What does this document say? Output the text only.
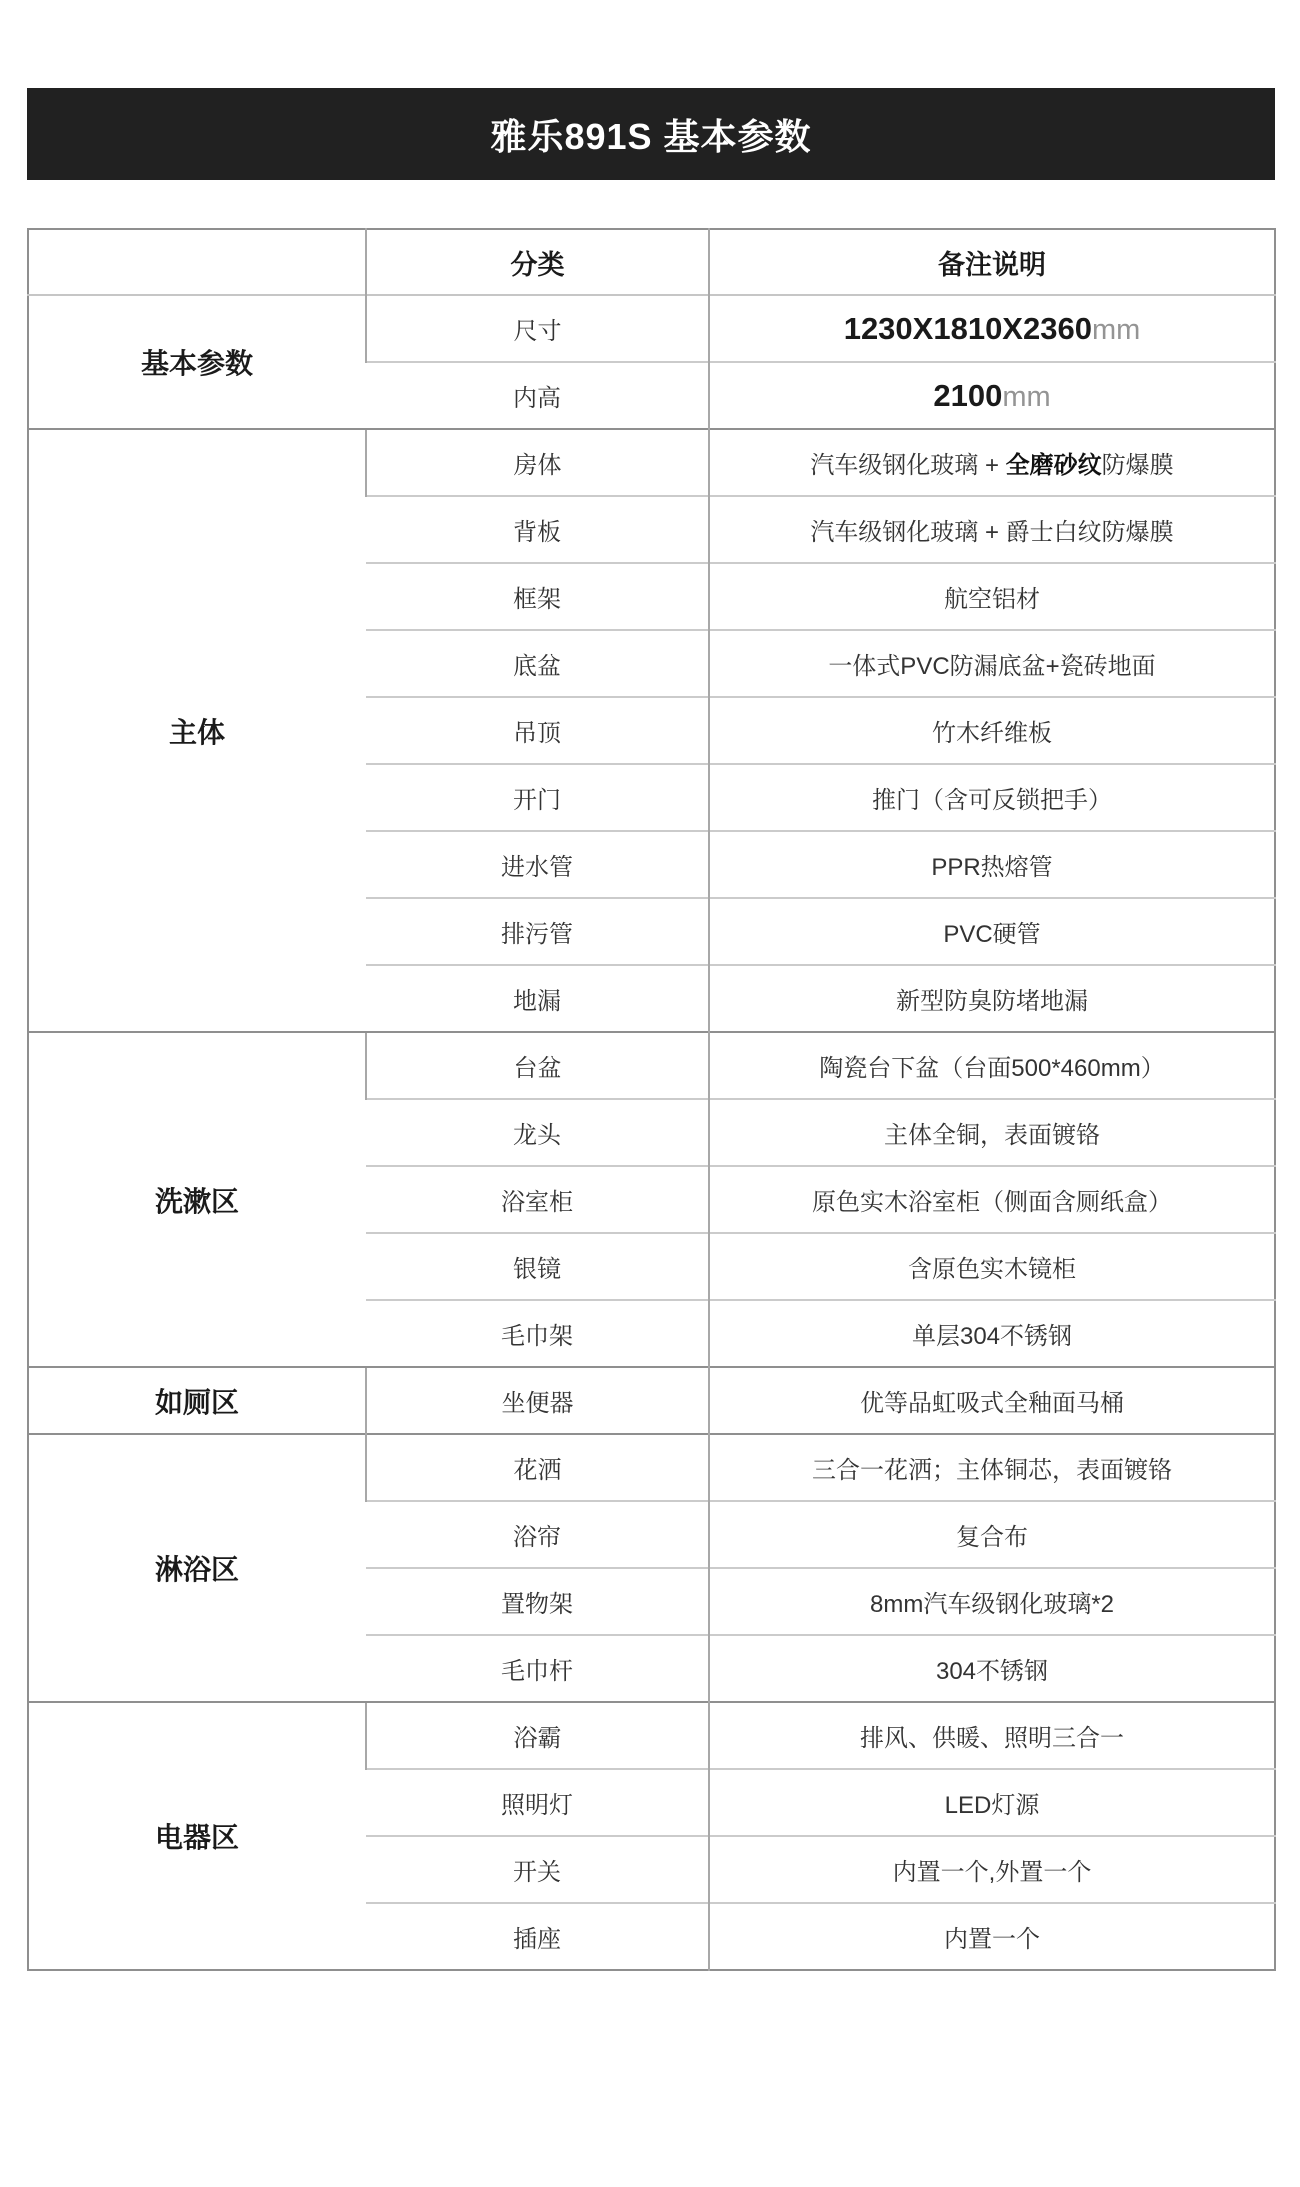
雅乐891S 基本参数
	分类	备注说明
基本参数	尺寸	1230X1810X2360mm
	内高	2100mm
主体	房体	汽车级钢化玻璃 + 全磨砂纹防爆膜
	背板	汽车级钢化玻璃 + 爵士白纹防爆膜
	框架	航空铝材
	底盆	一体式PVC防漏底盆+瓷砖地面
	吊顶	竹木纤维板
	开门	推门（含可反锁把手）
	进水管	PPR热熔管
	排污管	PVC硬管
	地漏	新型防臭防堵地漏
洗漱区	台盆	陶瓷台下盆（台面500*460mm）
	龙头	主体全铜，表面镀铬
	浴室柜	原色实木浴室柜（侧面含厕纸盒）
	银镜	含原色实木镜柜
	毛巾架	单层304不锈钢
如厕区	坐便器	优等品虹吸式全釉面马桶
淋浴区	花洒	三合一花洒；主体铜芯，表面镀铬
	浴帘	复合布
	置物架	8mm汽车级钢化玻璃*2
	毛巾杆	304不锈钢
电器区	浴霸	排风、供暖、照明三合一
	照明灯	LED灯源
	开关	内置一个,外置一个
	插座	内置一个
